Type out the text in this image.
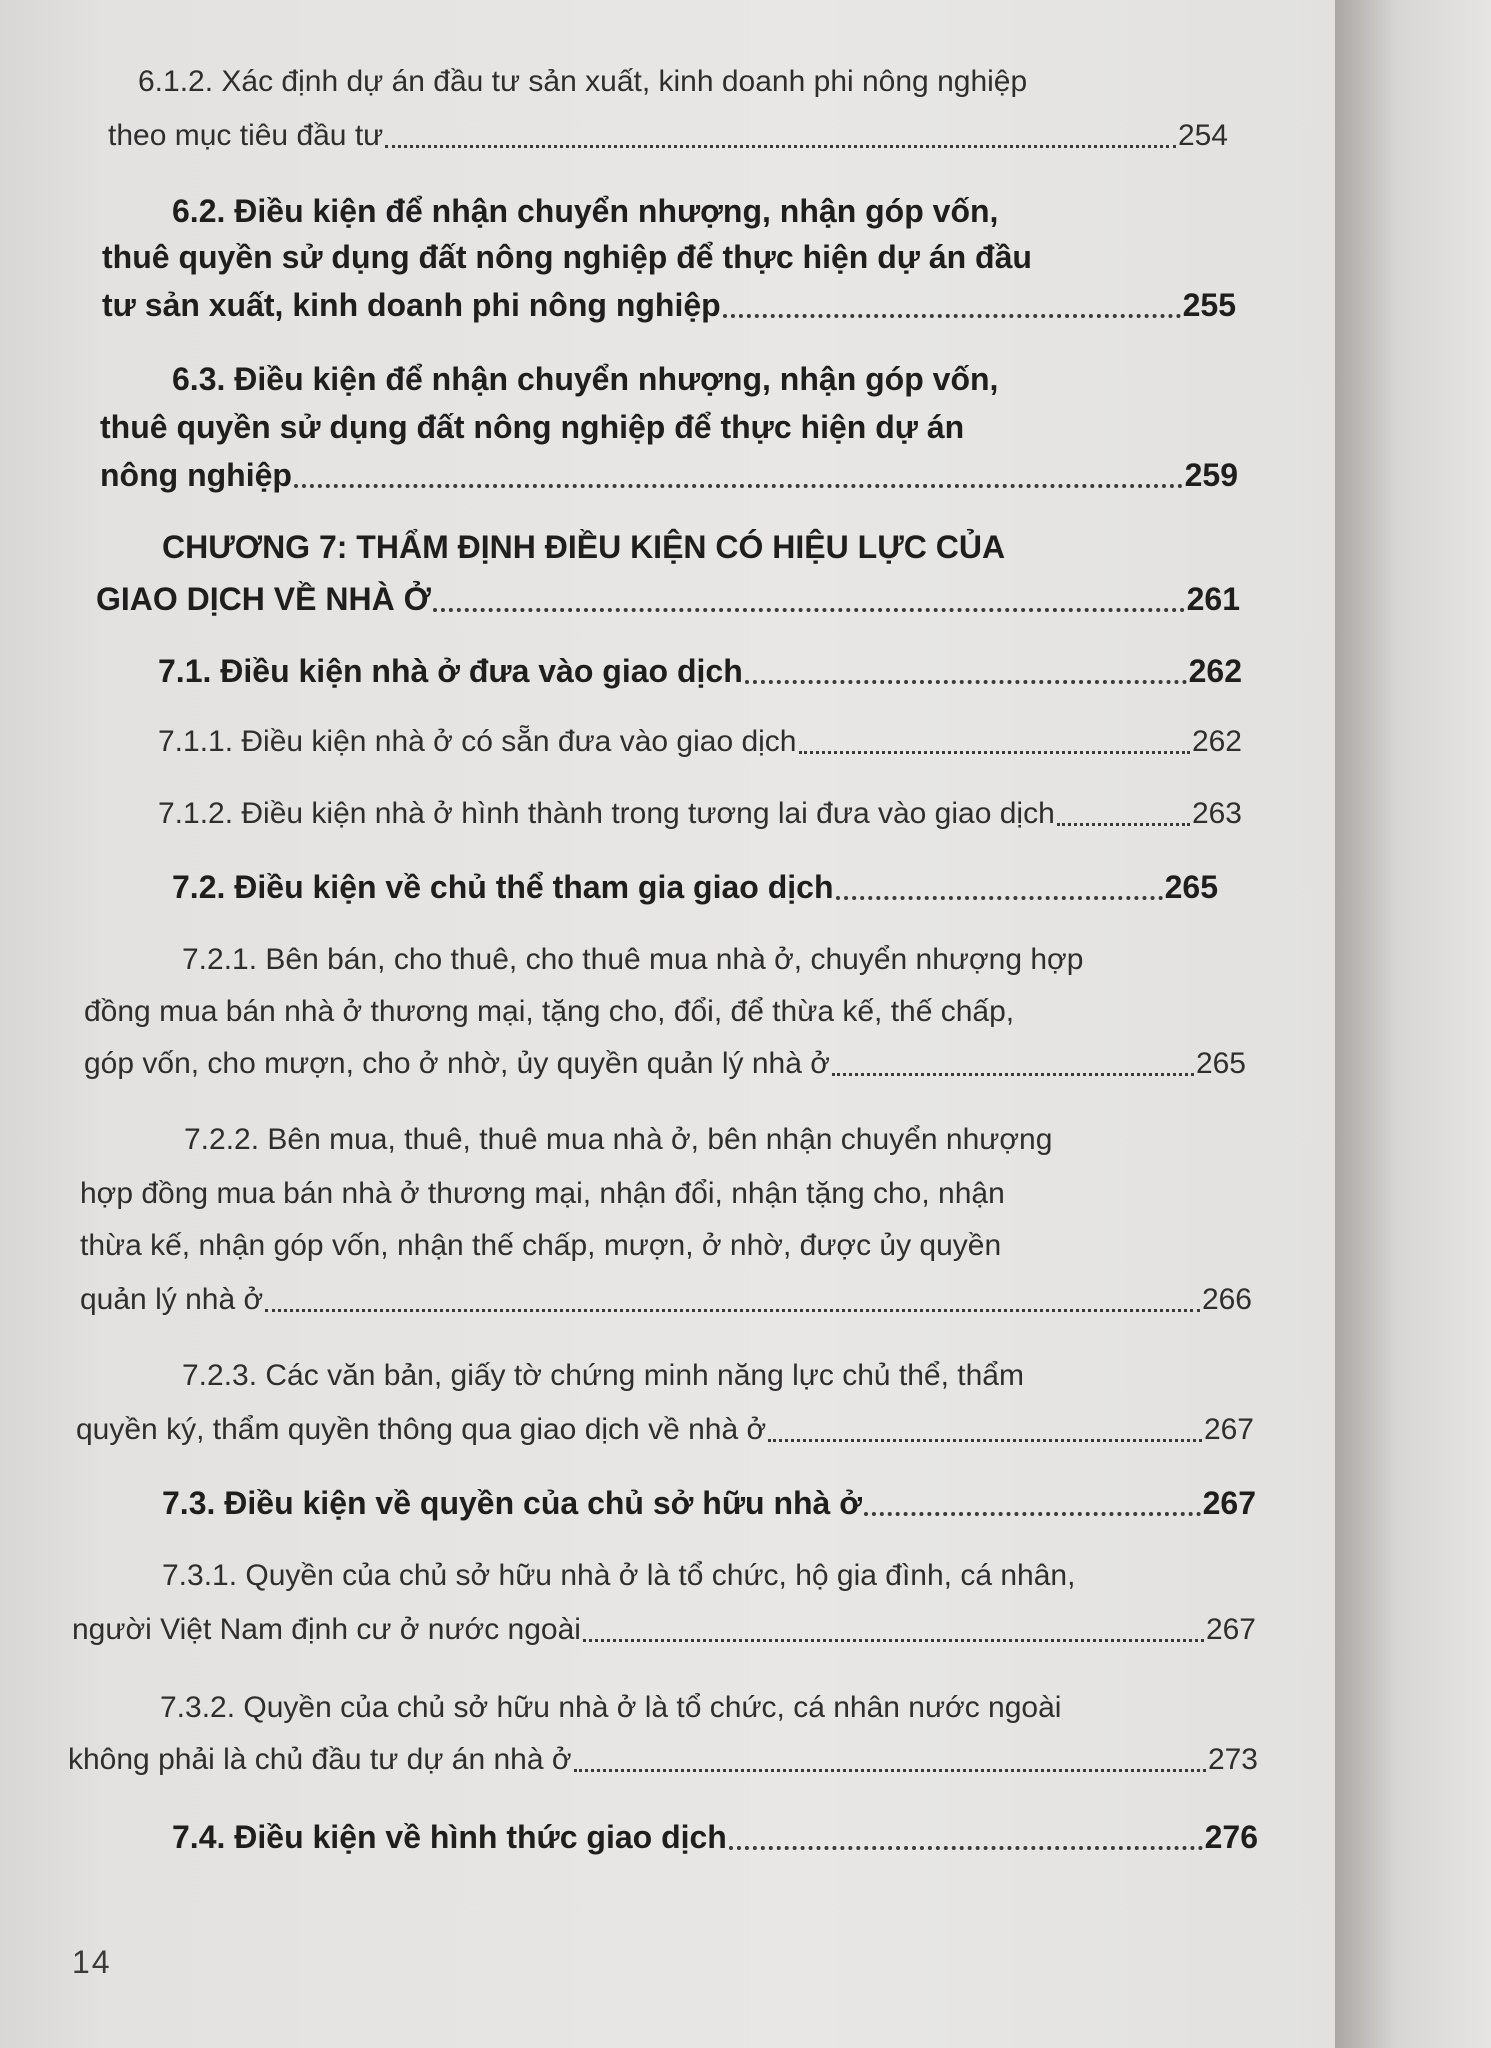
6.1.2. Xác định dự án đầu tư sản xuất, kinh doanh phi nông nghiệp
theo mục tiêu đầu tư	254
6.2. Điều kiện để nhận chuyển nhượng, nhận góp vốn,
thuê quyền sử dụng đất nông nghiệp để thực hiện dự án đầu
tư sản xuất, kinh doanh phi nông nghiệp	255
6.3. Điều kiện để nhận chuyển nhượng, nhận góp vốn,
thuê quyền sử dụng đất nông nghiệp để thực hiện dự án
nông nghiệp	259
CHƯƠNG 7: THẨM ĐỊNH ĐIỀU KIỆN CÓ HIỆU LỰC CỦA
GIAO DỊCH VỀ NHÀ Ở	261
7.1. Điều kiện nhà ở đưa vào giao dịch	262
7.1.1. Điều kiện nhà ở có sẵn đưa vào giao dịch	262
7.1.2. Điều kiện nhà ở hình thành trong tương lai đưa vào giao dịch	263
7.2. Điều kiện về chủ thể tham gia giao dịch	265
7.2.1. Bên bán, cho thuê, cho thuê mua nhà ở, chuyển nhượng hợp
đồng mua bán nhà ở thương mại, tặng cho, đổi, để thừa kế, thế chấp,
góp vốn, cho mượn, cho ở nhờ, ủy quyền quản lý nhà ở	265
7.2.2. Bên mua, thuê, thuê mua nhà ở, bên nhận chuyển nhượng
hợp đồng mua bán nhà ở thương mại, nhận đổi, nhận tặng cho, nhận
thừa kế, nhận góp vốn, nhận thế chấp, mượn, ở nhờ, được ủy quyền
quản lý nhà ở	266
7.2.3. Các văn bản, giấy tờ chứng minh năng lực chủ thể, thẩm
quyền ký, thẩm quyền thông qua giao dịch về nhà ở	267
7.3. Điều kiện về quyền của chủ sở hữu nhà ở	267
7.3.1. Quyền của chủ sở hữu nhà ở là tổ chức, hộ gia đình, cá nhân,
người Việt Nam định cư ở nước ngoài	267
7.3.2. Quyền của chủ sở hữu nhà ở là tổ chức, cá nhân nước ngoài
không phải là chủ đầu tư dự án nhà ở	273
7.4. Điều kiện về hình thức giao dịch	276
14
